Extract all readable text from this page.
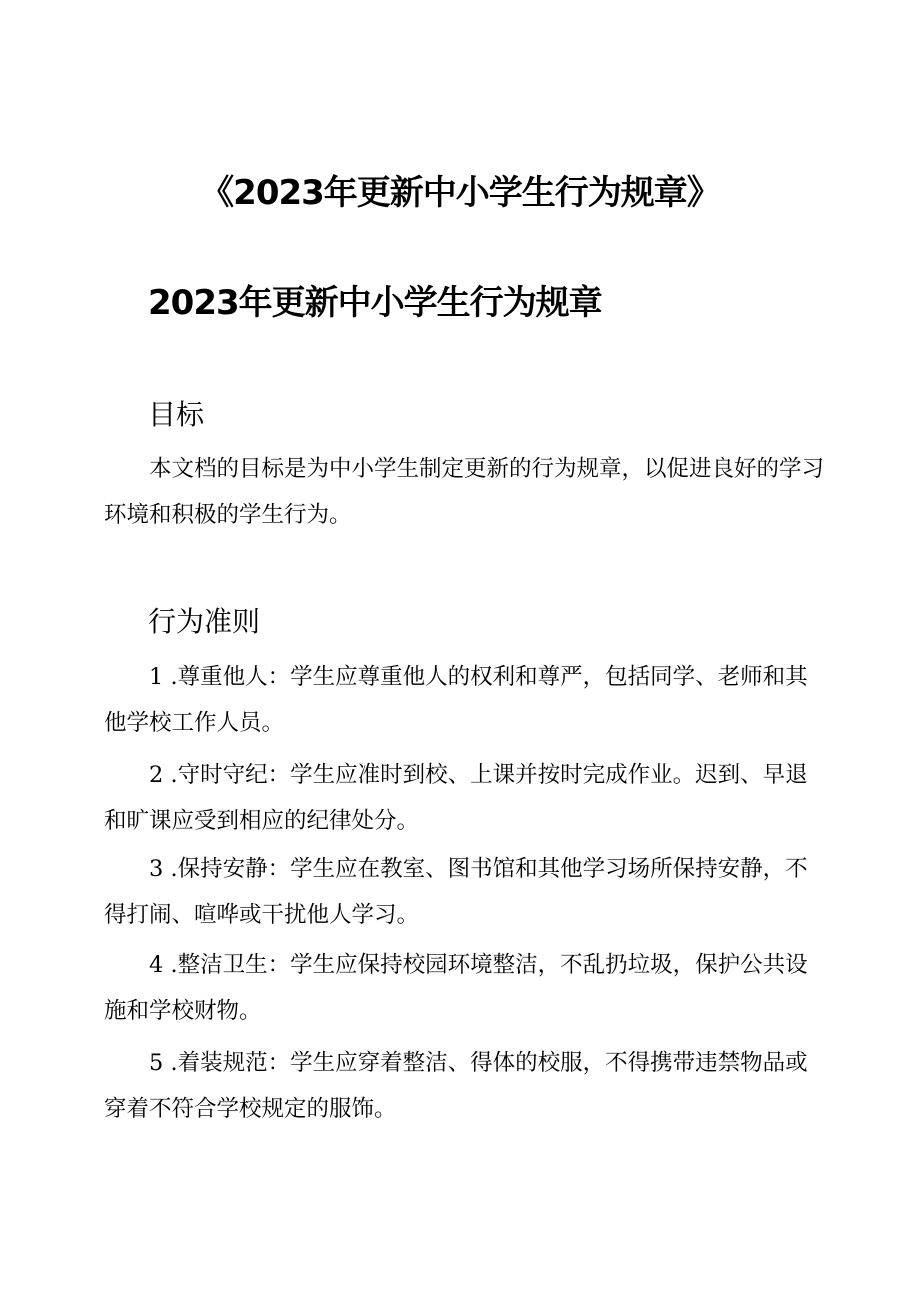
《2023年更新中小学生行为规章》
2023年更新中小学生行为规章
目标

本文档的目标是为中小学生制定更新的行为规章，以促进良好的学习环境和积极的学生行为。

行为准则

1 .尊重他人：学生应尊重他人的权利和尊严，包括同学、老师和其他学校工作人员。

2 .守时守纪：学生应准时到校、上课并按时完成作业。迟到、早退和旷课应受到相应的纪律处分。

3 .保持安静：学生应在教室、图书馆和其他学习场所保持安静，不得打闹、喧哗或干扰他人学习。

4 .整洁卫生：学生应保持校园环境整洁，不乱扔垃圾，保护公共设施和学校财物。

5 .着装规范：学生应穿着整洁、得体的校服，不得携带违禁物品或穿着不符合学校规定的服饰。
